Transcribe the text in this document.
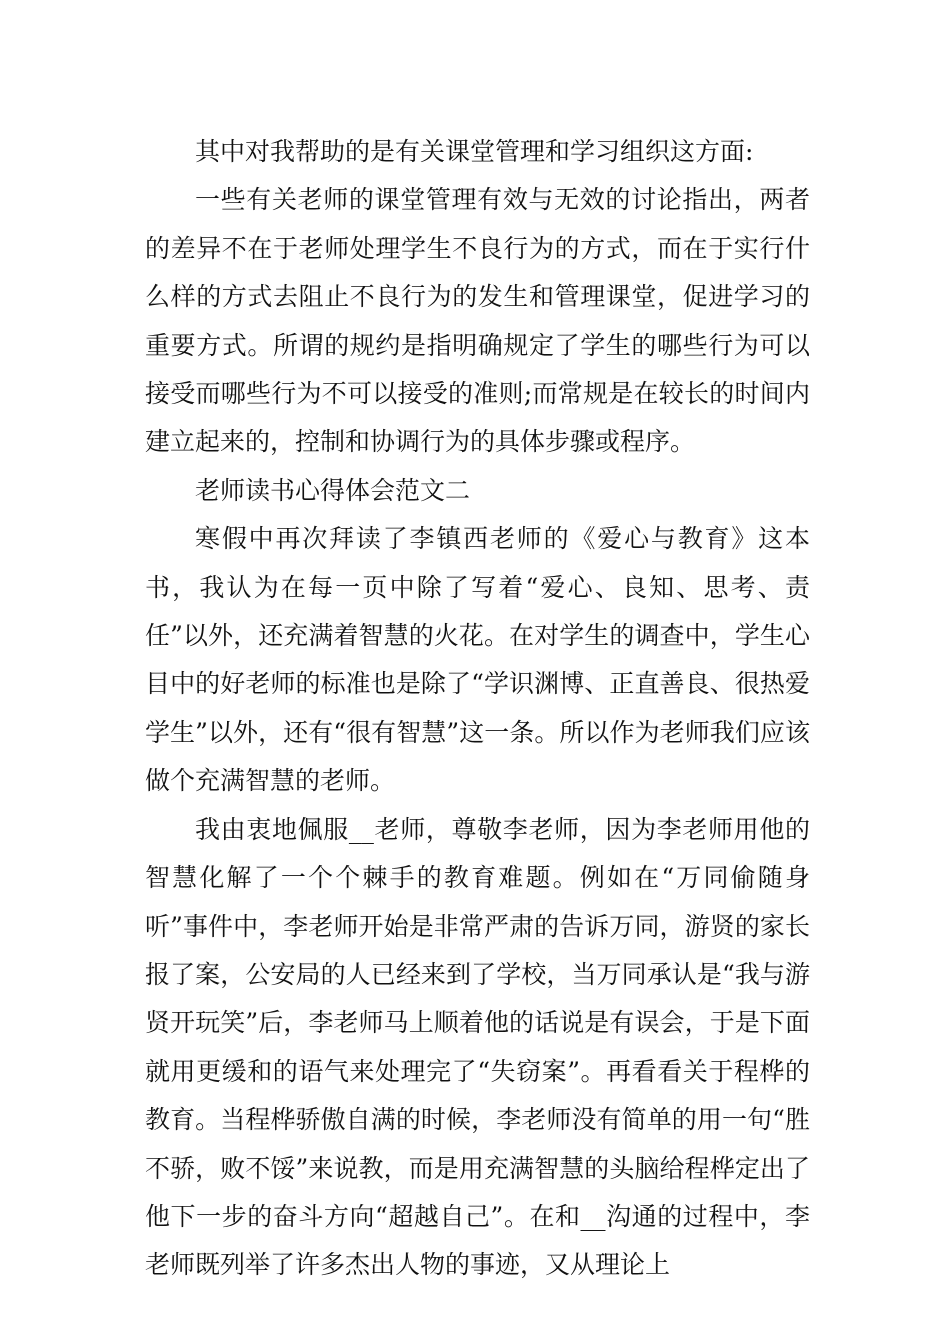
其中对我帮助的是有关课堂管理和学习组织这方面:

一些有关老师的课堂管理有效与无效的讨论指出，两者的差异不在于老师处理学生不良行为的方式，而在于实行什么样的方式去阻止不良行为的发生和管理课堂，促进学习的重要方式。所谓的规约是指明确规定了学生的哪些行为可以接受而哪些行为不可以接受的准则;而常规是在较长的时间内建立起来的，控制和协调行为的具体步骤或程序。

老师读书心得体会范文二

寒假中再次拜读了李镇西老师的《爱心与教育》这本书，我认为在每一页中除了写着“爱心、良知、思考、责任”以外，还充满着智慧的火花。在对学生的调查中，学生心目中的好老师的标准也是除了“学识渊博、正直善良、很热爱学生”以外，还有“很有智慧”这一条。所以作为老师我们应该做个充满智慧的老师。

我由衷地佩服__老师，尊敬李老师，因为李老师用他的智慧化解了一个个棘手的教育难题。例如在“万同偷随身听”事件中，李老师开始是非常严肃的告诉万同，游贤的家长报了案，公安局的人已经来到了学校，当万同承认是“我与游贤开玩笑”后，李老师马上顺着他的话说是有误会，于是下面就用更缓和的语气来处理完了“失窃案”。再看看关于程桦的教育。当程桦骄傲自满的时候，李老师没有简单的用一句“胜不骄，败不馁”来说教，而是用充满智慧的头脑给程桦定出了他下一步的奋斗方向“超越自己”。在和__沟通的过程中，李老师既列举了许多杰出人物的事迹，又从理论上
